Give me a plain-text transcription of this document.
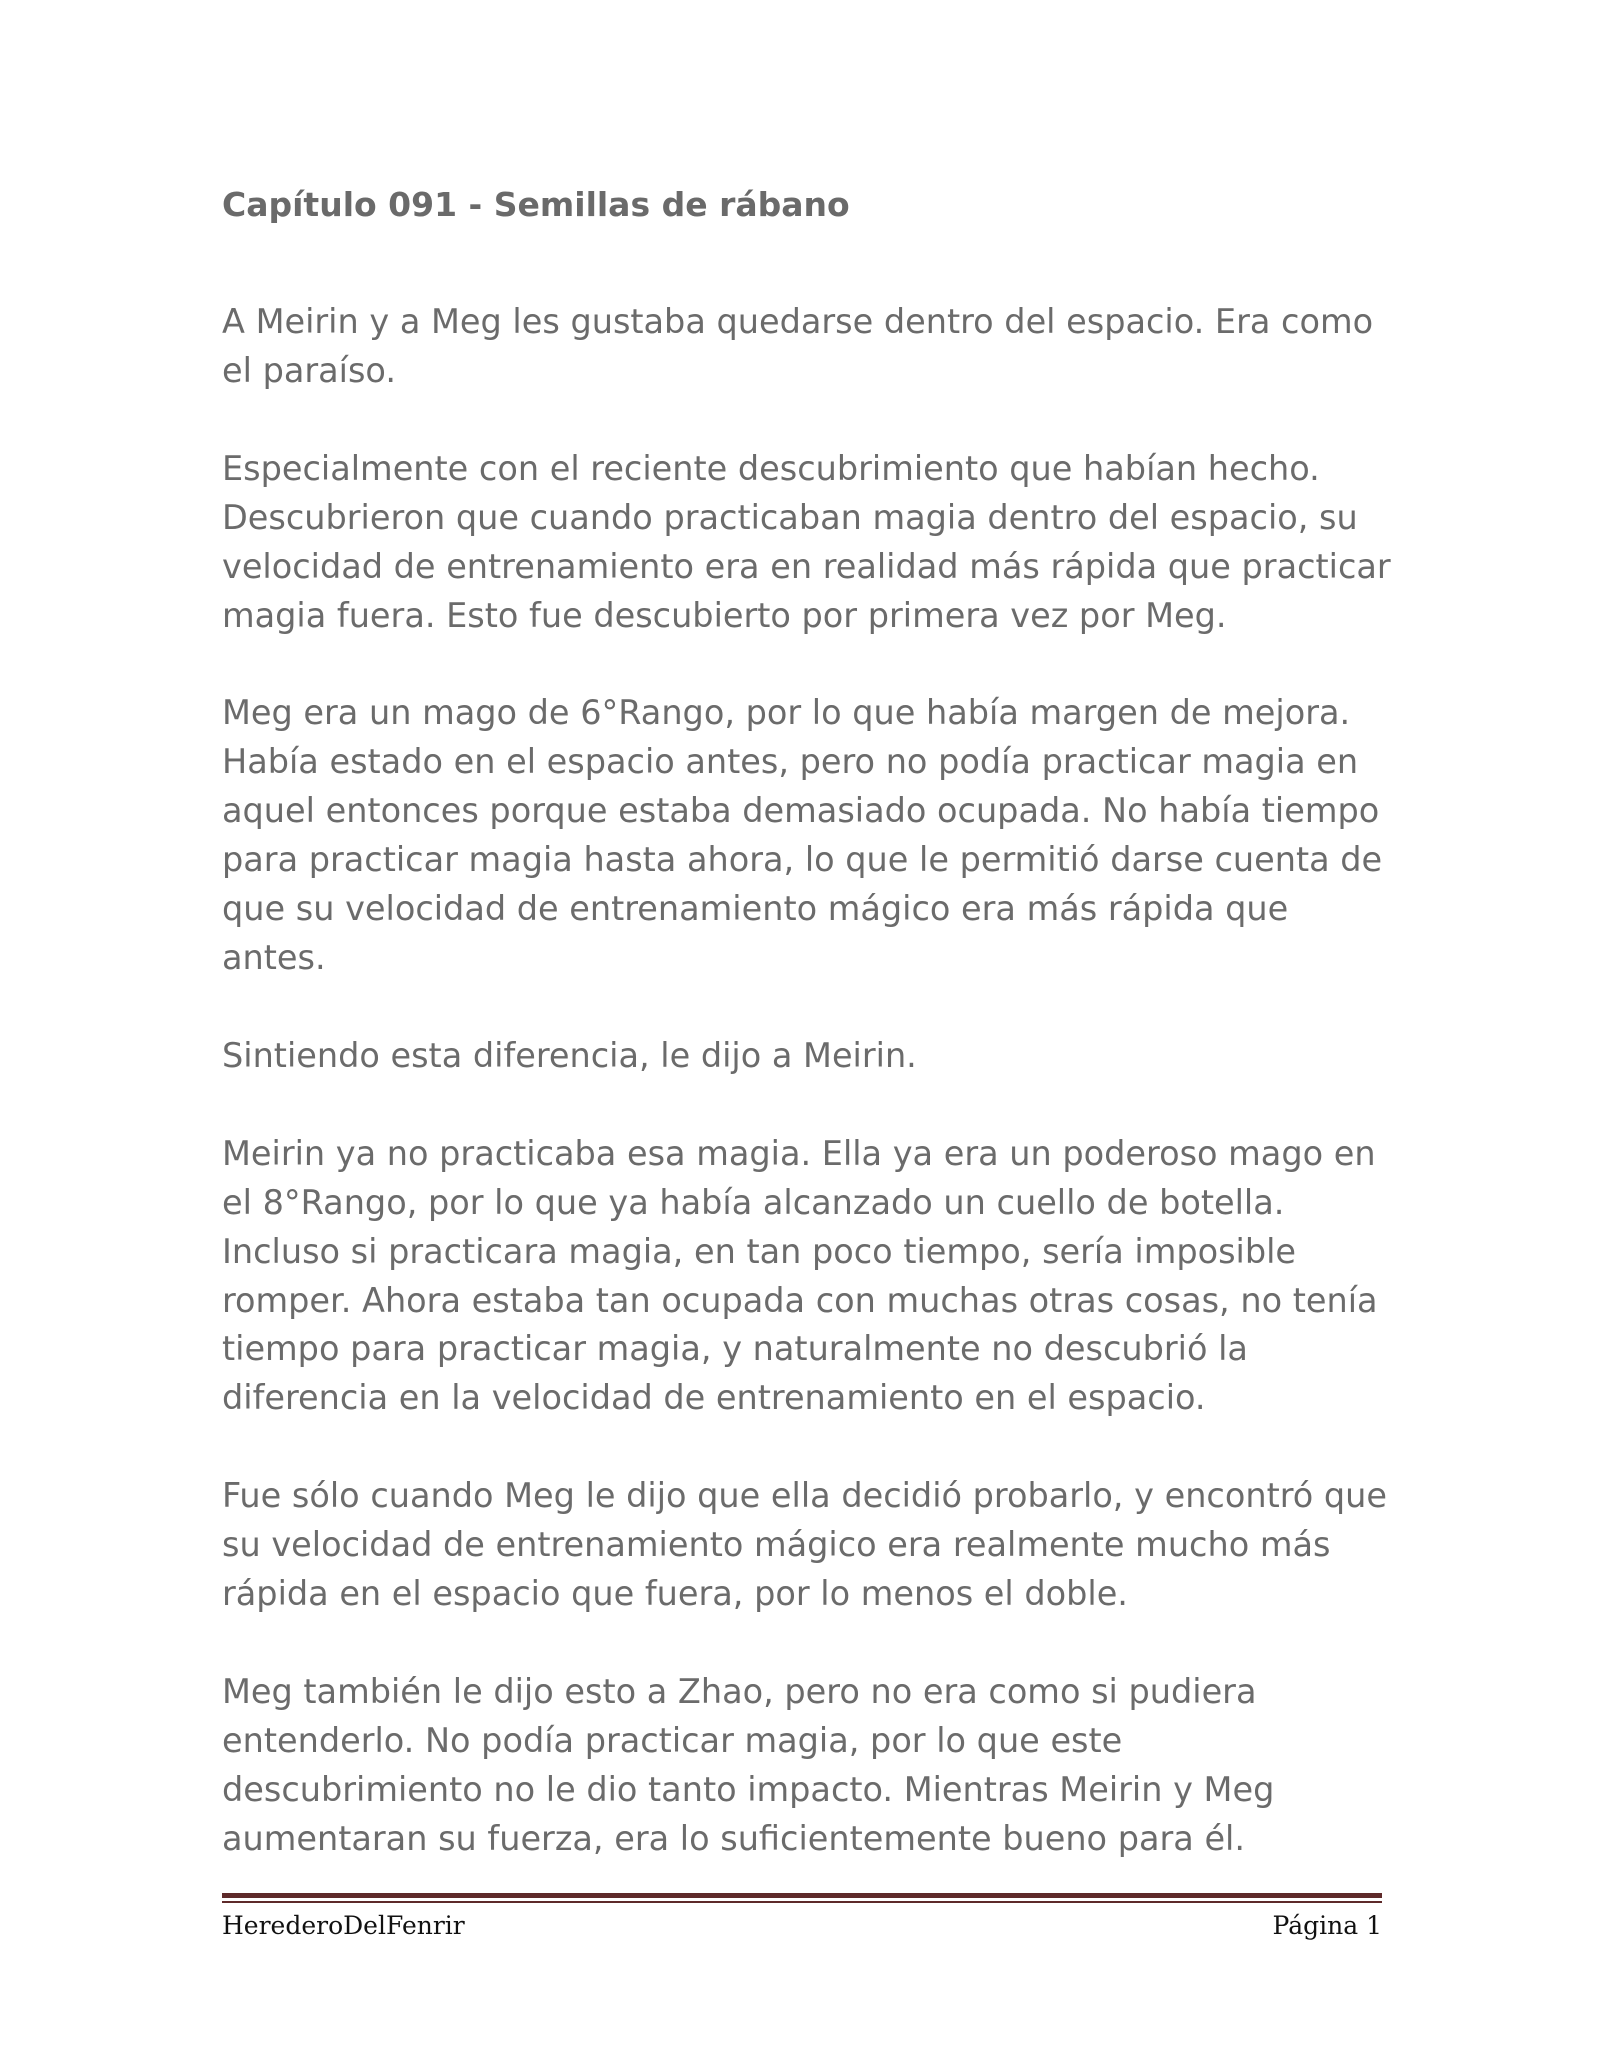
Capítulo 091 - Semillas de rábano

A Meirin y a Meg les gustaba quedarse dentro del espacio. Era como el paraíso.

Especialmente con el reciente descubrimiento que habían hecho. Descubrieron que cuando practicaban magia dentro del espacio, su velocidad de entrenamiento era en realidad más rápida que practicar magia fuera. Esto fue descubierto por primera vez por Meg.

Meg era un mago de 6°Rango, por lo que había margen de mejora. Había estado en el espacio antes, pero no podía practicar magia en aquel entonces porque estaba demasiado ocupada. No había tiempo para practicar magia hasta ahora, lo que le permitió darse cuenta de que su velocidad de entrenamiento mágico era más rápida que antes.

Sintiendo esta diferencia, le dijo a Meirin.

Meirin ya no practicaba esa magia. Ella ya era un poderoso mago en el 8°Rango, por lo que ya había alcanzado un cuello de botella. Incluso si practicara magia, en tan poco tiempo, sería imposible romper. Ahora estaba tan ocupada con muchas otras cosas, no tenía tiempo para practicar magia, y naturalmente no descubrió la diferencia en la velocidad de entrenamiento en el espacio.

Fue sólo cuando Meg le dijo que ella decidió probarlo, y encontró que su velocidad de entrenamiento mágico era realmente mucho más rápida en el espacio que fuera, por lo menos el doble.

Meg también le dijo esto a Zhao, pero no era como si pudiera entenderlo. No podía practicar magia, por lo que este descubrimiento no le dio tanto impacto. Mientras Meirin y Meg aumentaran su fuerza, era lo suficientemente bueno para él.

HerederoDelFenrir	Página 1
